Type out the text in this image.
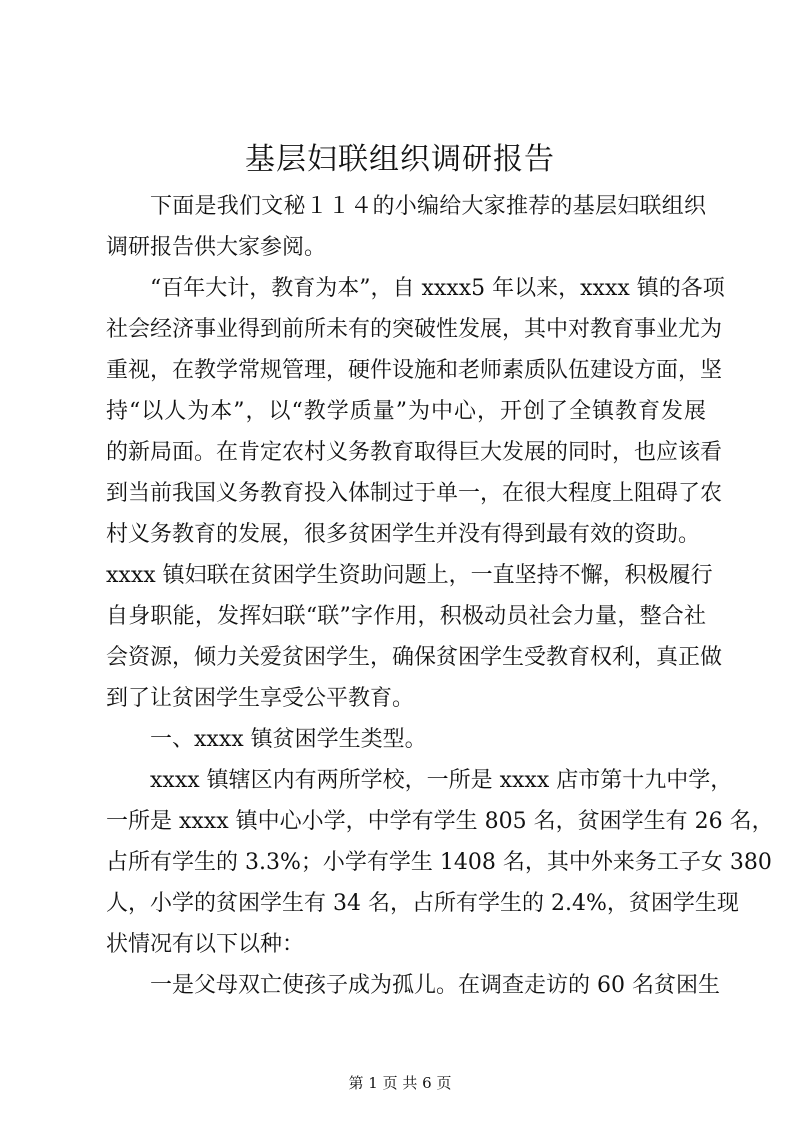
基层妇联组织调研报告
下面是我们文秘１１４的小编给大家推荐的基层妇联组织
调研报告供大家参阅。
“百年大计，教育为本”，自 xxxx5 年以来，xxxx 镇的各项
社会经济事业得到前所未有的突破性发展，其中对教育事业尤为
重视，在教学常规管理，硬件设施和老师素质队伍建设方面，坚
持“以人为本”，以“教学质量”为中心，开创了全镇教育发展
的新局面。在肯定农村义务教育取得巨大发展的同时，也应该看
到当前我国义务教育投入体制过于单一，在很大程度上阻碍了农
村义务教育的发展，很多贫困学生并没有得到最有效的资助。
xxxx 镇妇联在贫困学生资助问题上，一直坚持不懈，积极履行
自身职能，发挥妇联“联”字作用，积极动员社会力量，整合社
会资源，倾力关爱贫困学生，确保贫困学生受教育权利，真正做
到了让贫困学生享受公平教育。
一、xxxx 镇贫困学生类型。
xxxx 镇辖区内有两所学校，一所是 xxxx 店市第十九中学，
一所是 xxxx 镇中心小学，中学有学生 805 名，贫困学生有 26 名，
占所有学生的 3.3%；小学有学生 1408 名，其中外来务工子女 380
人，小学的贫困学生有 34 名，占所有学生的 2.4%，贫困学生现
状情况有以下以种：
一是父母双亡使孩子成为孤儿。在调查走访的 60 名贫困生
第 1 页 共 6 页
